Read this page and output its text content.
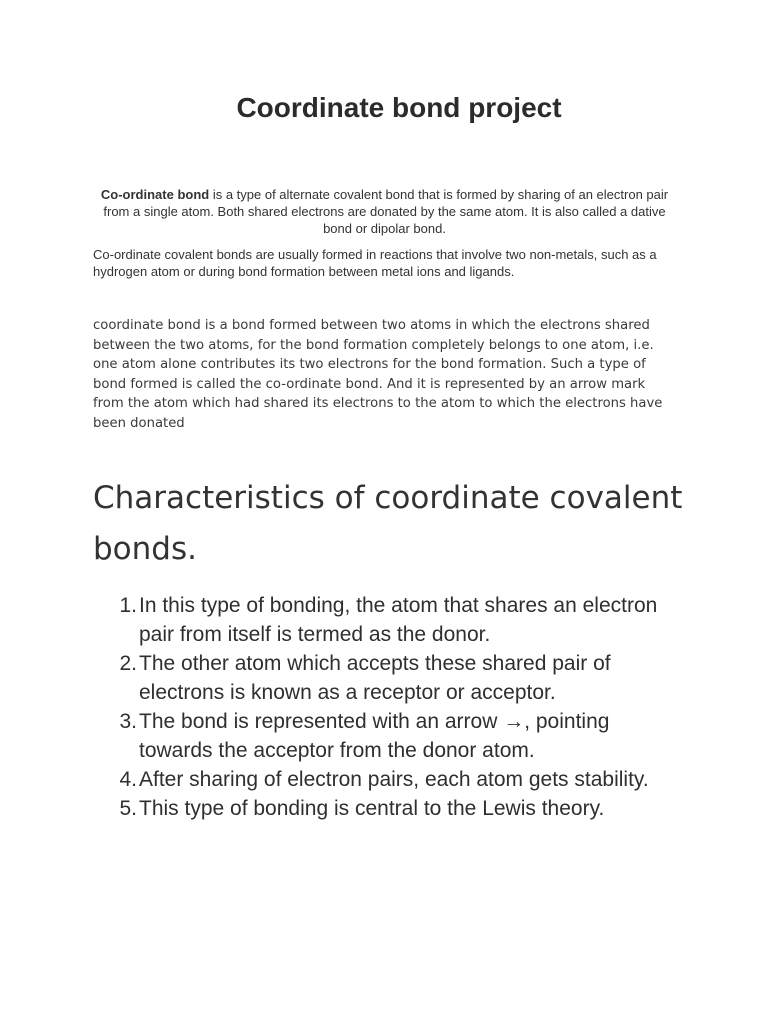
Coordinate bond project

Co-ordinate bond is a type of alternate covalent bond that is formed by sharing of an electron pair from a single atom. Both shared electrons are donated by the same atom. It is also called a dative bond or dipolar bond.

Co-ordinate covalent bonds are usually formed in reactions that involve two non-metals, such as a hydrogen atom or during bond formation between metal ions and ligands.

coordinate bond is a bond formed between two atoms in which the electrons shared between the two atoms, for the bond formation completely belongs to one atom, i.e. one atom alone contributes its two electrons for the bond formation. Such a type of bond formed is called the co-ordinate bond. And it is represented by an arrow mark from the atom which had shared its electrons to the atom to which the electrons have been donated

Characteristics of coordinate covalent bonds.
1. In this type of bonding, the atom that shares an electron pair from itself is termed as the donor.
2. The other atom which accepts these shared pair of electrons is known as a receptor or acceptor.
3. The bond is represented with an arrow →, pointing towards the acceptor from the donor atom.
4. After sharing of electron pairs, each atom gets stability.
5. This type of bonding is central to the Lewis theory.
